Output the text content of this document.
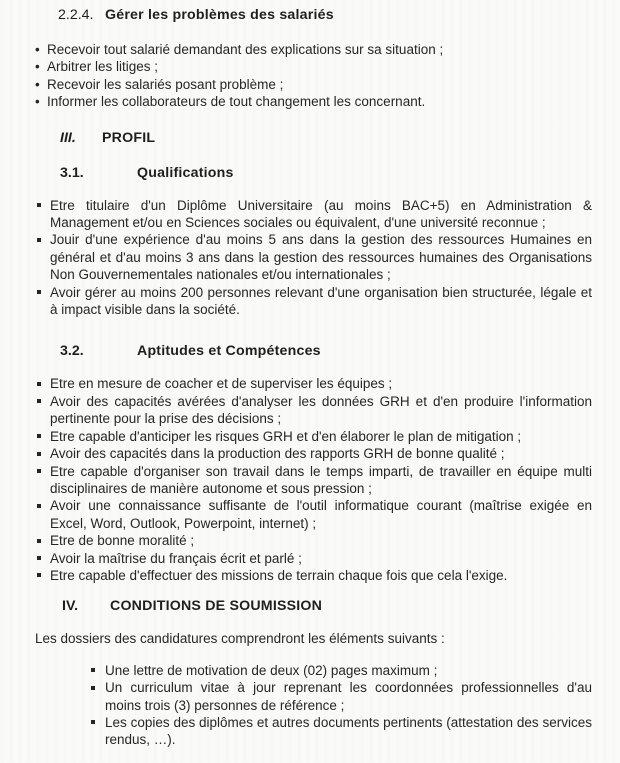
2.2.4. Gérer les problèmes des salariés
• Recevoir tout salarié demandant des explications sur sa situation ;
• Arbitrer les litiges ;
• Recevoir les salariés posant problème ;
• Informer les collaborateurs de tout changement les concernant.
III.	PROFIL
3.1.	Qualifications
Etre titulaire d'un Diplôme Universitaire (au moins BAC+5) en Administration & Management et/ou en Sciences sociales ou équivalent, d'une université reconnue ;
Jouir d'une expérience d'au moins 5 ans dans la gestion des ressources Humaines en général et d'au moins 3 ans dans la gestion des ressources humaines des Organisations Non Gouvernementales nationales et/ou internationales ;
Avoir gérer au moins 200 personnes relevant d'une organisation bien structurée, légale et à impact visible dans la société.
3.2.	Aptitudes et Compétences
Etre en mesure de coacher et de superviser les équipes ;
Avoir des capacités avérées d'analyser les données GRH et d'en produire l'information pertinente pour la prise des décisions ;
Etre capable d'anticiper les risques GRH et d'en élaborer le plan de mitigation ;
Avoir des capacités dans la production des rapports GRH de bonne qualité ;
Etre capable d'organiser son travail dans le temps imparti, de travailler en équipe multi disciplinaires de manière autonome et sous pression ;
Avoir une connaissance suffisante de l'outil informatique courant (maîtrise exigée en Excel, Word, Outlook, Powerpoint, internet) ;
Etre de bonne moralité ;
Avoir la maîtrise du français écrit et parlé ;
Etre capable d'effectuer des missions de terrain chaque fois que cela l'exige.
IV.	CONDITIONS DE SOUMISSION

Les dossiers des candidatures comprendront les éléments suivants :

Une lettre de motivation de deux (02) pages maximum ;
Un curriculum vitae à jour reprenant les coordonnées professionnelles d'au moins trois (3) personnes de référence ;
Les copies des diplômes et autres documents pertinents (attestation des services rendus, …).
